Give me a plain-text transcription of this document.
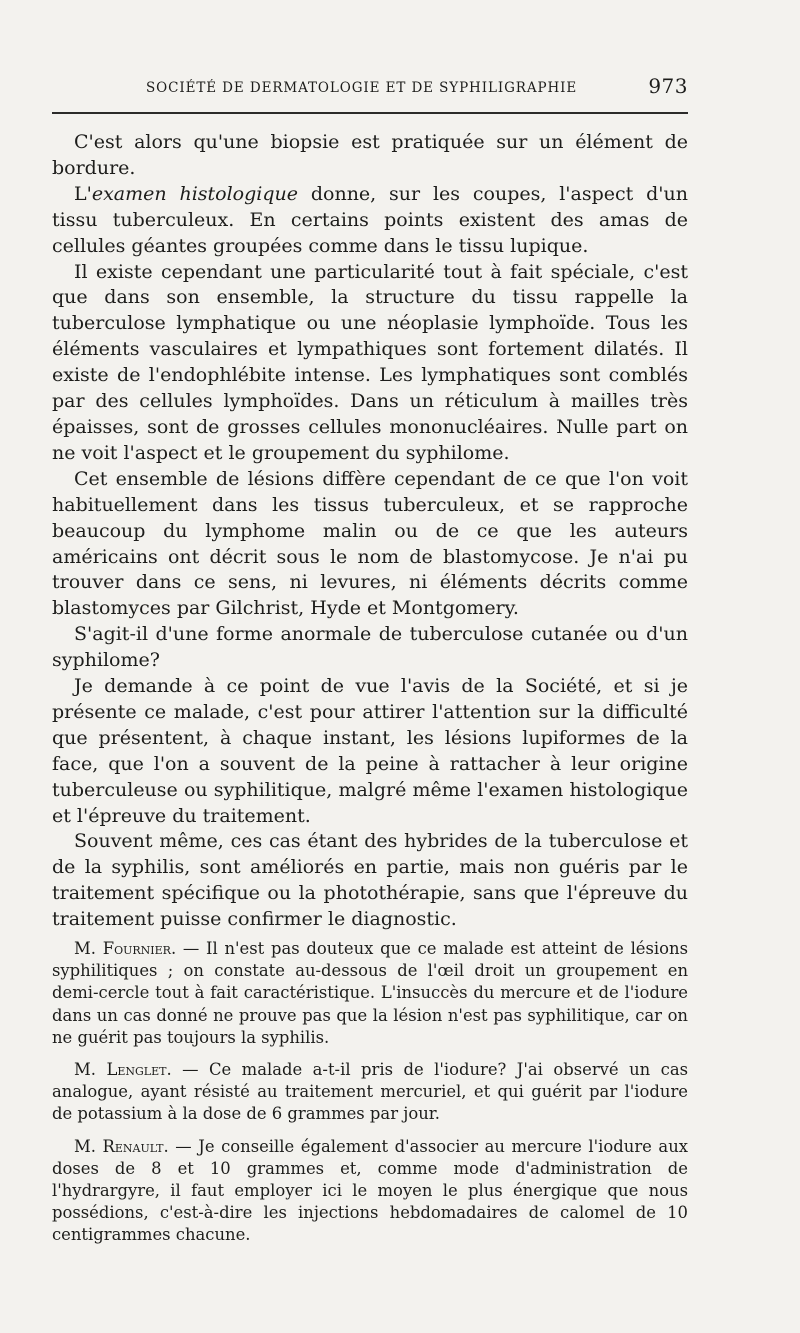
SOCIÉTÉ DE DERMATOLOGIE ET DE SYPHILIGRAPHIE	973

C'est alors qu'une biopsie est pratiquée sur un élément de bordure.

L'examen histologique donne, sur les coupes, l'aspect d'un tissu tuberculeux. En certains points existent des amas de cellules géantes groupées comme dans le tissu lupique.

Il existe cependant une particularité tout à fait spéciale, c'est que dans son ensemble, la structure du tissu rappelle la tuberculose lymphatique ou une néoplasie lymphoïde. Tous les éléments vasculaires et lympathiques sont fortement dilatés. Il existe de l'endophlébite intense. Les lymphatiques sont comblés par des cellules lymphoïdes. Dans un réticulum à mailles très épaisses, sont de grosses cellules mononucléaires. Nulle part on ne voit l'aspect et le groupement du syphilome.

Cet ensemble de lésions diffère cependant de ce que l'on voit habituellement dans les tissus tuberculeux, et se rapproche beaucoup du lymphome malin ou de ce que les auteurs américains ont décrit sous le nom de blastomycose. Je n'ai pu trouver dans ce sens, ni levures, ni éléments décrits comme blastomyces par Gilchrist, Hyde et Montgomery.

S'agit-il d'une forme anormale de tuberculose cutanée ou d'un syphilome?

Je demande à ce point de vue l'avis de la Société, et si je présente ce malade, c'est pour attirer l'attention sur la difficulté que présentent, à chaque instant, les lésions lupiformes de la face, que l'on a souvent de la peine à rattacher à leur origine tuberculeuse ou syphilitique, malgré même l'examen histologique et l'épreuve du traitement.

Souvent même, ces cas étant des hybrides de la tuberculose et de la syphilis, sont améliorés en partie, mais non guéris par le traitement spécifique ou la photothérapie, sans que l'épreuve du traitement puisse confirmer le diagnostic.

M. Fournier. — Il n'est pas douteux que ce malade est atteint de lésions syphilitiques ; on constate au-dessous de l'œil droit un groupement en demi-cercle tout à fait caractéristique. L'insuccès du mercure et de l'iodure dans un cas donné ne prouve pas que la lésion n'est pas syphilitique, car on ne guérit pas toujours la syphilis.

M. Lenglet. — Ce malade a-t-il pris de l'iodure? J'ai observé un cas analogue, ayant résisté au traitement mercuriel, et qui guérit par l'iodure de potassium à la dose de 6 grammes par jour.

M. Renault. — Je conseille également d'associer au mercure l'iodure aux doses de 8 et 10 grammes et, comme mode d'administration de l'hydrargyre, il faut employer ici le moyen le plus énergique que nous possédions, c'est-à-dire les injections hebdomadaires de calomel de 10 centigrammes chacune.
